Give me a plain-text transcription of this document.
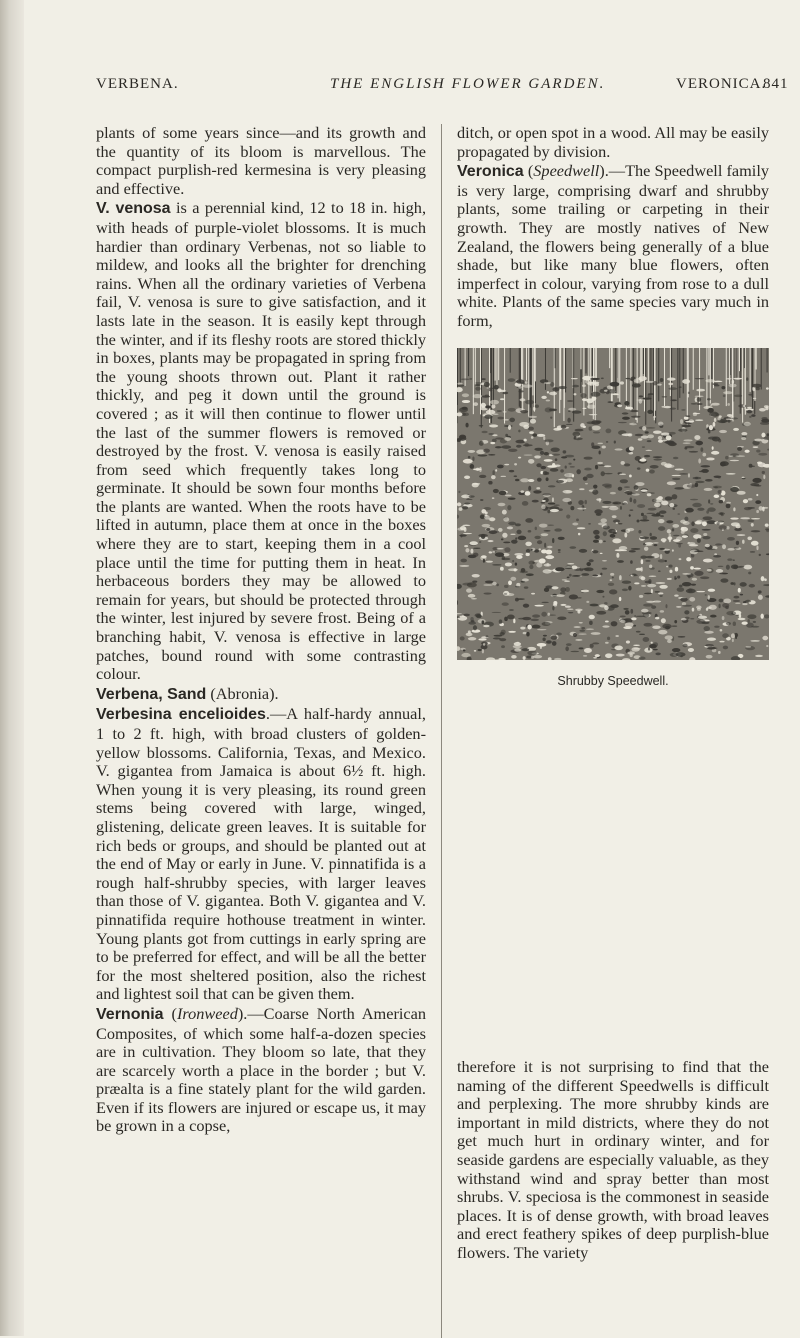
VERBENA.	THE ENGLISH FLOWER GARDEN.	VERONICA.
841

plants of some years since—and its growth and the quantity of its bloom is marvellous. The compact purplish-red kermesina is very pleasing and effective.

V. venosa is a perennial kind, 12 to 18 in. high, with heads of purple-violet blossoms. It is much hardier than ordinary Verbenas, not so liable to mildew, and looks all the brighter for drenching rains. When all the ordinary varieties of Verbena fail, V. venosa is sure to give satisfaction, and it lasts late in the season. It is easily kept through the winter, and if its fleshy roots are stored thickly in boxes, plants may be propagated in spring from the young shoots thrown out. Plant it rather thickly, and peg it down until the ground is covered ; as it will then continue to flower until the last of the summer flowers is removed or destroyed by the frost. V. venosa is easily raised from seed which frequently takes long to germinate. It should be sown four months before the plants are wanted. When the roots have to be lifted in autumn, place them at once in the boxes where they are to start, keeping them in a cool place until the time for putting them in heat. In herbaceous borders they may be allowed to remain for years, but should be protected through the winter, lest injured by severe frost. Being of a branching habit, V. venosa is effective in large patches, bound round with some contrasting colour.

Verbena, Sand (Abronia).

Verbesina encelioides.—A half-hardy annual, 1 to 2 ft. high, with broad clusters of golden-yellow blossoms. California, Texas, and Mexico. V. gigantea from Jamaica is about 6½ ft. high. When young it is very pleasing, its round green stems being covered with large, winged, glistening, delicate green leaves. It is suitable for rich beds or groups, and should be planted out at the end of May or early in June. V. pinnatifida is a rough half-shrubby species, with larger leaves than those of V. gigantea. Both V. gigantea and V. pinnatifida require hothouse treatment in winter. Young plants got from cuttings in early spring are to be preferred for effect, and will be all the better for the most sheltered position, also the richest and lightest soil that can be given them.

Vernonia (Ironweed).—Coarse North American Composites, of which some half-a-dozen species are in cultivation. They bloom so late, that they are scarcely worth a place in the border ; but V. præalta is a fine stately plant for the wild garden. Even if its flowers are injured or escape us, it may be grown in a copse,

ditch, or open spot in a wood. All may be easily propagated by division.

Veronica (Speedwell).—The Speedwell family is very large, comprising dwarf and shrubby plants, some trailing or carpeting in their growth. They are mostly natives of New Zealand, the flowers being generally of a blue shade, but like many blue flowers, often imperfect in colour, varying from rose to a dull white. Plants of the same species vary much in form,

Shrubby Speedwell.

therefore it is not surprising to find that the naming of the different Speedwells is difficult and perplexing. The more shrubby kinds are important in mild districts, where they do not get much hurt in ordinary winter, and for seaside gardens are especially valuable, as they withstand wind and spray better than most shrubs. V. speciosa is the commonest in seaside places. It is of dense growth, with broad leaves and erect feathery spikes of deep purplish-blue flowers. The variety
